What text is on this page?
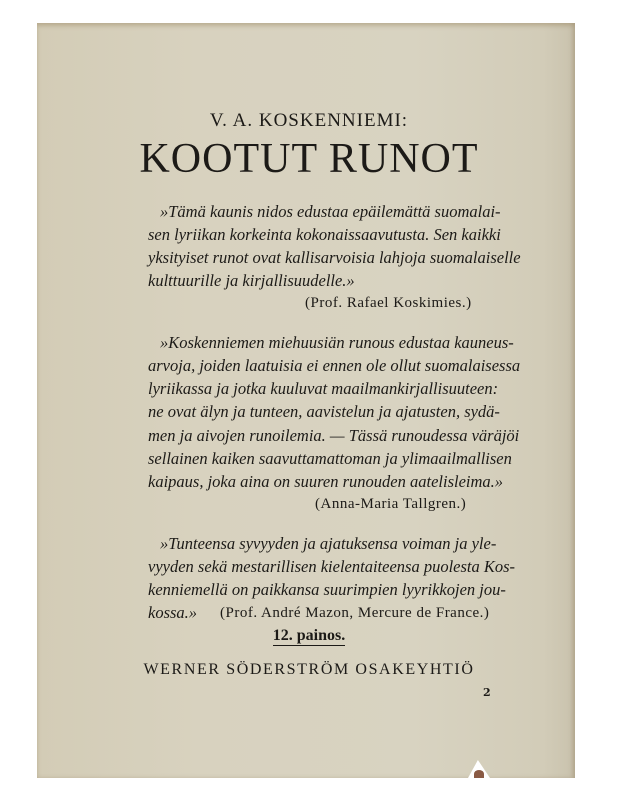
V. A. KOSKENNIEMI:
KOOTUT RUNOT
»Tämä kaunis nidos edustaa epäilemättä suomalai-
sen lyriikan korkeinta kokonaissaavutusta. Sen kaikki
yksityiset runot ovat kallisarvoisia lahjoja suomalaiselle
kulttuurille ja kirjallisuudelle.»
(Prof. Rafael Koskimies.)
»Koskenniemen miehuusiän runous edustaa kauneus-
arvoja, joiden laatuisia ei ennen ole ollut suomalaisessa
lyriikassa ja jotka kuuluvat maailmankirjallisuuteen:
ne ovat älyn ja tunteen, aavistelun ja ajatusten, sydä-
men ja aivojen runoilemia. — Tässä runoudessa väräjöi
sellainen kaiken saavuttamattoman ja ylimaailmallisen
kaipaus, joka aina on suuren runouden aatelisleima.»
(Anna-Maria Tallgren.)
»Tunteensa syvyyden ja ajatuksensa voiman ja yle-
vyyden sekä mestarillisen kielentaiteensa puolesta Kos-
kenniemellä on paikkansa suurimpien lyyrikkojen jou-
kossa.»	(Prof. André Mazon, Mercure de France.)
12. painos.
WERNER SÖDERSTRÖM OSAKEYHTIÖ
2
